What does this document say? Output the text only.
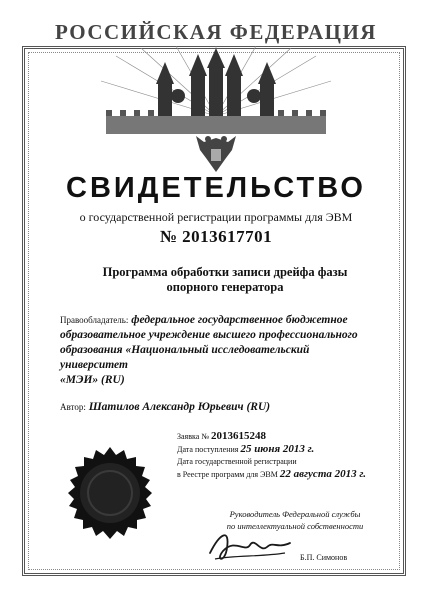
РОССИЙСКАЯ ФЕДЕРАЦИЯ
СВИДЕТЕЛЬСТВО
о государственной регистрации программы для ЭВМ
№ 2013617701
Программа обработки записи дрейфа фазы опорного генератора
Правообладатель: федеральное государственное бюджетное
образовательное учреждение высшего профессионального
образования «Национальный исследовательский университет
«МЭИ» (RU)
Автор: Шатилов Александр Юрьевич (RU)
Заявка № 2013615248
Дата поступления 25 июня 2013 г.
Дата государственной регистрации
в Реестре программ для ЭВМ 22 августа 2013 г.
Руководитель Федеральной службы
по интеллектуальной собственности
Б.П. Симонов
